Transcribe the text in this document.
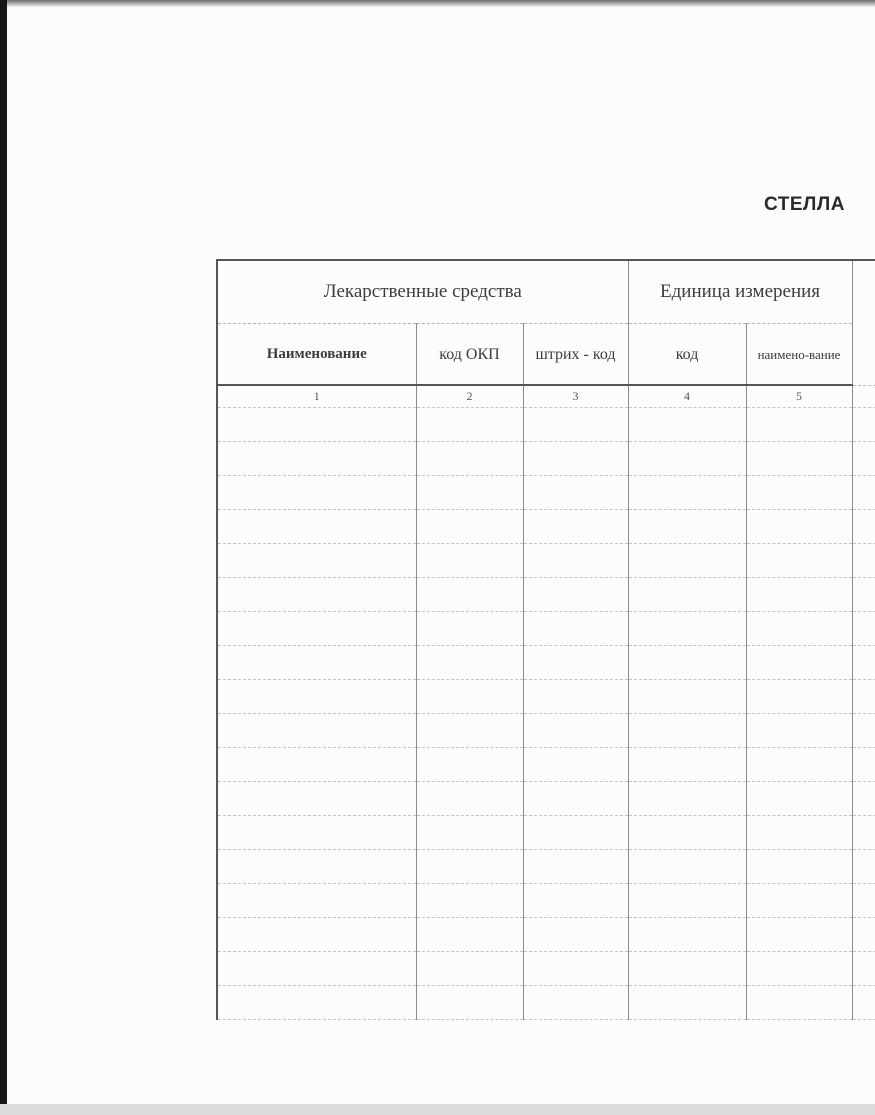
СТЕЛЛА
Лекарственные средства			Единица измерения		
Наименование	код ОКП	штрих - код	код	наимено-вание	
1	2	3	4	5	
